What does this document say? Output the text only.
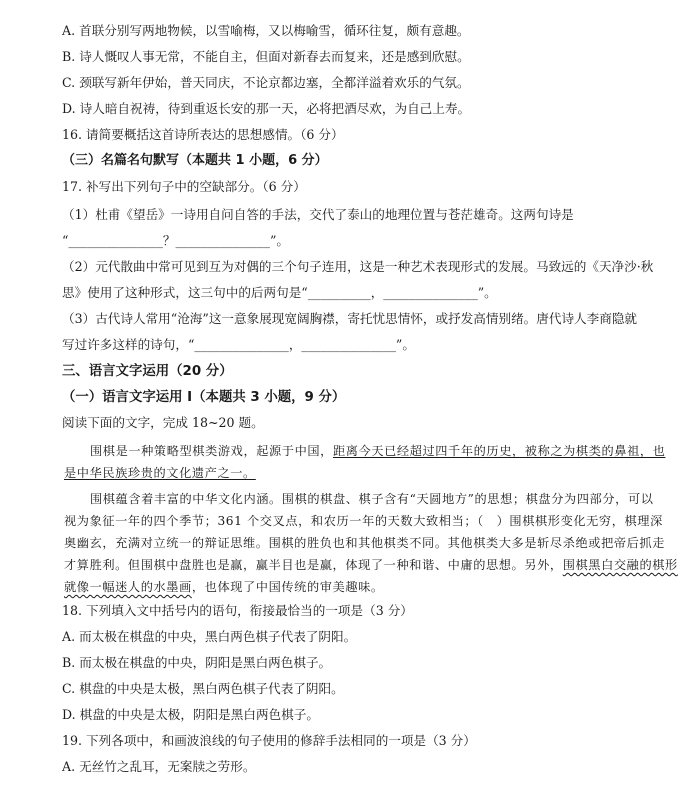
A. 首联分别写两地物候，以雪喻梅，又以梅喻雪，循环往复，颇有意趣。
B. 诗人慨叹人事无常，不能自主，但面对新春去而复来，还是感到欣慰。
C. 颈联写新年伊始，普天同庆，不论京都边塞，全都洋溢着欢乐的气氛。
D. 诗人暗自祝祷，待到重返长安的那一天，必将把酒尽欢，为自己上寿。
16. 请简要概括这首诗所表达的思想感情。（6 分）
（三）名篇名句默写（本题共 1 小题，6 分）
17. 补写出下列句子中的空缺部分。（6 分）
（1）杜甫《望岳》一诗用自问自答的手法，交代了泰山的地理位置与苍茫雄奇。这两句诗是
“_______________？_______________”。
（2）元代散曲中常可见到互为对偶的三个句子连用，这是一种艺术表现形式的发展。马致远的《天净沙·秋
思》使用了这种形式，这三句中的后两句是“__________，_______________”。
（3）古代诗人常用“沧海”这一意象展现宽阔胸襟，寄托忧思情怀，或抒发高情别绪。唐代诗人李商隐就
写过许多这样的诗句，“_______________，_______________”。
三、语言文字运用（20 分）
（一）语言文字运用 Ⅰ（本题共 3 小题，9 分）
阅读下面的文字，完成 18~20 题。
围棋是一种策略型棋类游戏，起源于中国，距离今天已经超过四千年的历史，被称之为棋类的鼻祖，也
是中华民族珍贵的文化遗产之一。
围棋蕴含着丰富的中华文化内涵。围棋的棋盘、棋子含有“天圆地方”的思想；棋盘分为四部分，可以
视为象征一年的四个季节；361 个交叉点，和农历一年的天数大致相当；（　）围棋棋形变化无穷，棋理深
奥幽玄，充满对立统一的辩证思维。围棋的胜负也和其他棋类不同。其他棋类大多是斩尽杀绝或把帝后抓走
才算胜利。但围棋中盘胜也是赢，赢半目也是赢，体现了一种和谐、中庸的思想。另外，围棋黑白交融的棋形
就像一幅迷人的水墨画，也体现了中国传统的审美趣味。
18. 下列填入文中括号内的语句，衔接最恰当的一项是（3 分）
A. 而太极在棋盘的中央，黑白两色棋子代表了阴阳。
B. 而太极在棋盘的中央，阴阳是黑白两色棋子。
C. 棋盘的中央是太极，黑白两色棋子代表了阴阳。
D. 棋盘的中央是太极，阴阳是黑白两色棋子。
19. 下列各项中，和画波浪线的句子使用的修辞手法相同的一项是（3 分）
A. 无丝竹之乱耳，无案牍之劳形。
